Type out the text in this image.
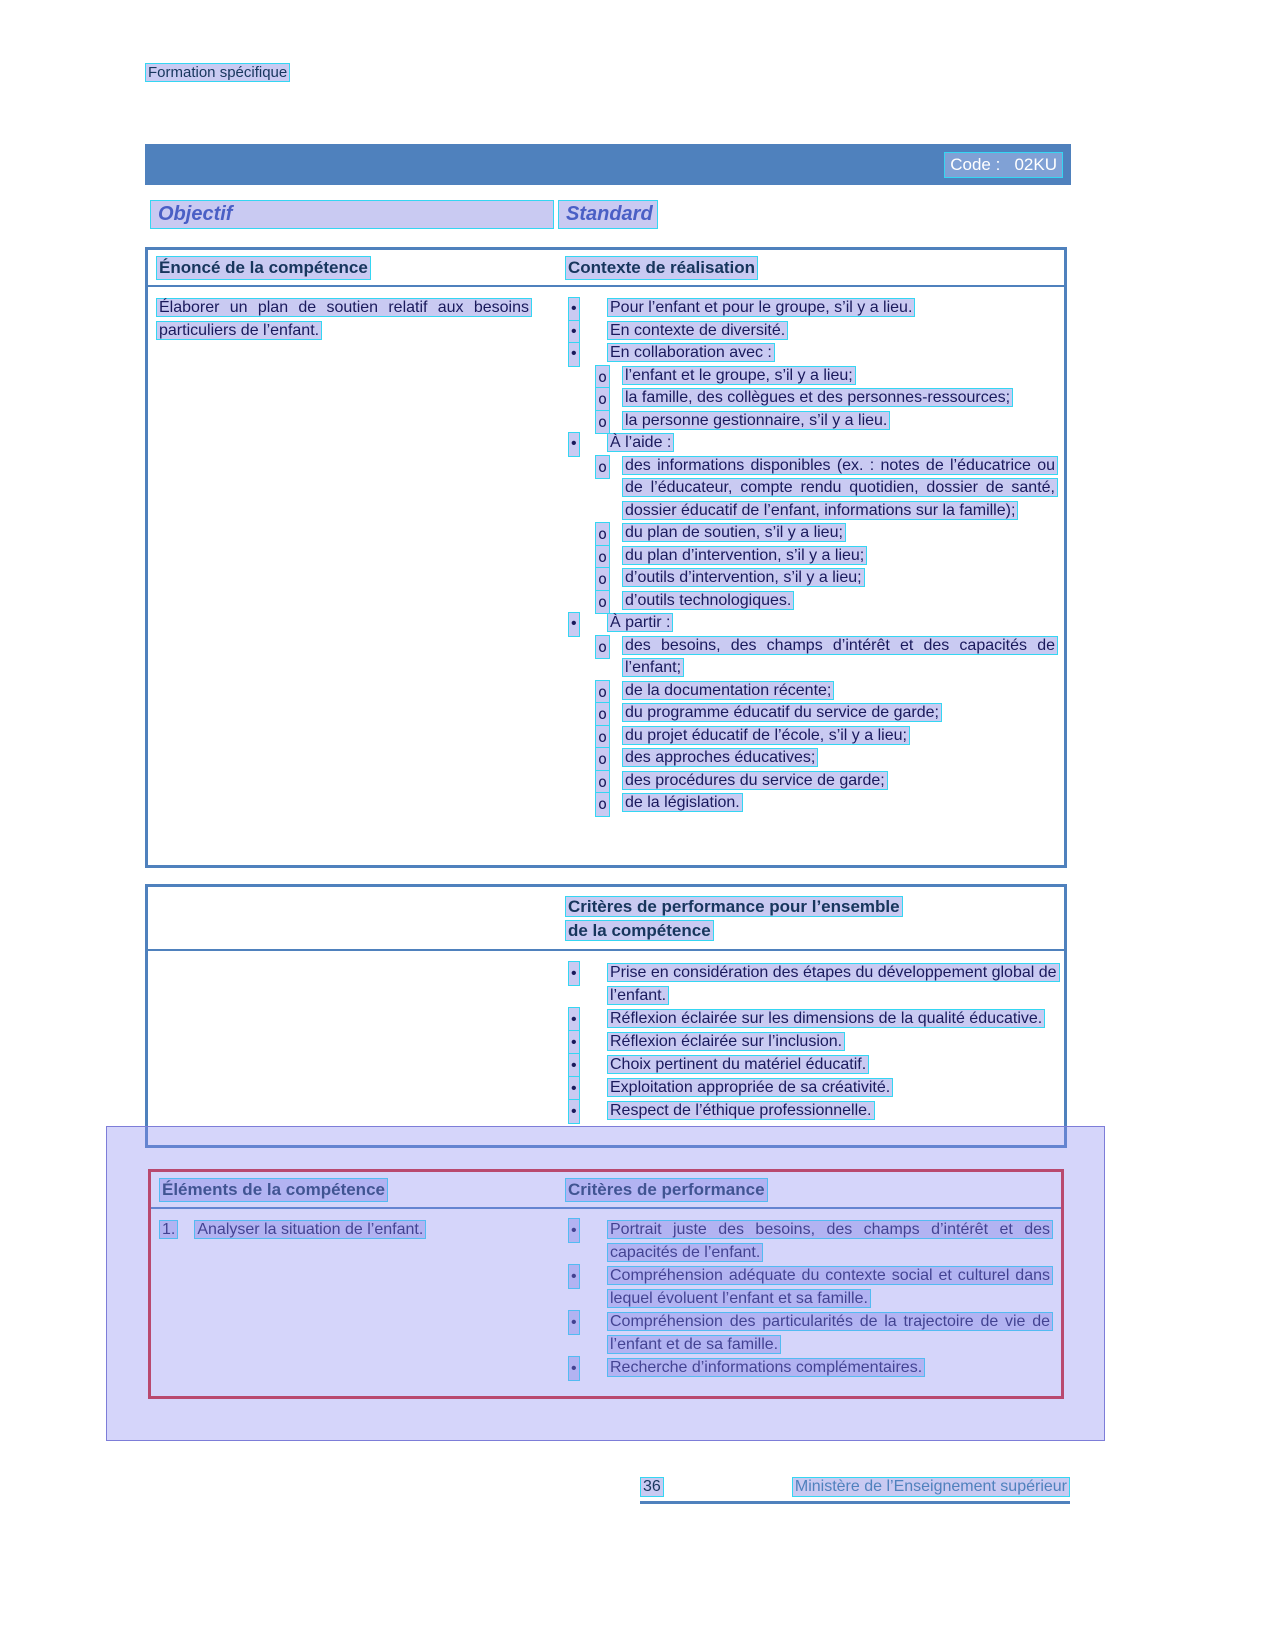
Formation spécifique
Code :   02KU
Objectif	Standard
Énoncé de la compétence	Contexte de réalisation
Élaborer un plan de soutien relatif aux besoins particuliers de l’enfant.
• Pour l’enfant et pour le groupe, s’il y a lieu.
• En contexte de diversité.
• En collaboration avec :
o l’enfant et le groupe, s’il y a lieu;
o la famille, des collègues et des personnes-ressources;
o la personne gestionnaire, s’il y a lieu.
• À l’aide :
o des informations disponibles (ex. : notes de l’éducatrice ou de l’éducateur, compte rendu quotidien, dossier de santé, dossier éducatif de l’enfant, informations sur la famille);
o du plan de soutien, s’il y a lieu;
o du plan d’intervention, s’il y a lieu;
o d’outils d’intervention, s’il y a lieu;
o d’outils technologiques.
• À partir :
o des besoins, des champs d’intérêt et des capacités de l’enfant;
o de la documentation récente;
o du programme éducatif du service de garde;
o du projet éducatif de l’école, s’il y a lieu;
o des approches éducatives;
o des procédures du service de garde;
o de la législation.
Critères de performance pour l’ensemble
de la compétence
• Prise en considération des étapes du développement global de l’enfant.
• Réflexion éclairée sur les dimensions de la qualité éducative.
• Réflexion éclairée sur l’inclusion.
• Choix pertinent du matériel éducatif.
• Exploitation appropriée de sa créativité.
• Respect de l’éthique professionnelle.
Éléments de la compétence	Critères de performance
1. Analyser la situation de l’enfant.	• Portrait juste des besoins, des champs d’intérêt et des capacités de l’enfant.
• Compréhension adéquate du contexte social et culturel dans lequel évoluent l’enfant et sa famille.
• Compréhension des particularités de la trajectoire de vie de l’enfant et de sa famille.
• Recherche d’informations complémentaires.
36	Ministère de l’Enseignement supérieur
